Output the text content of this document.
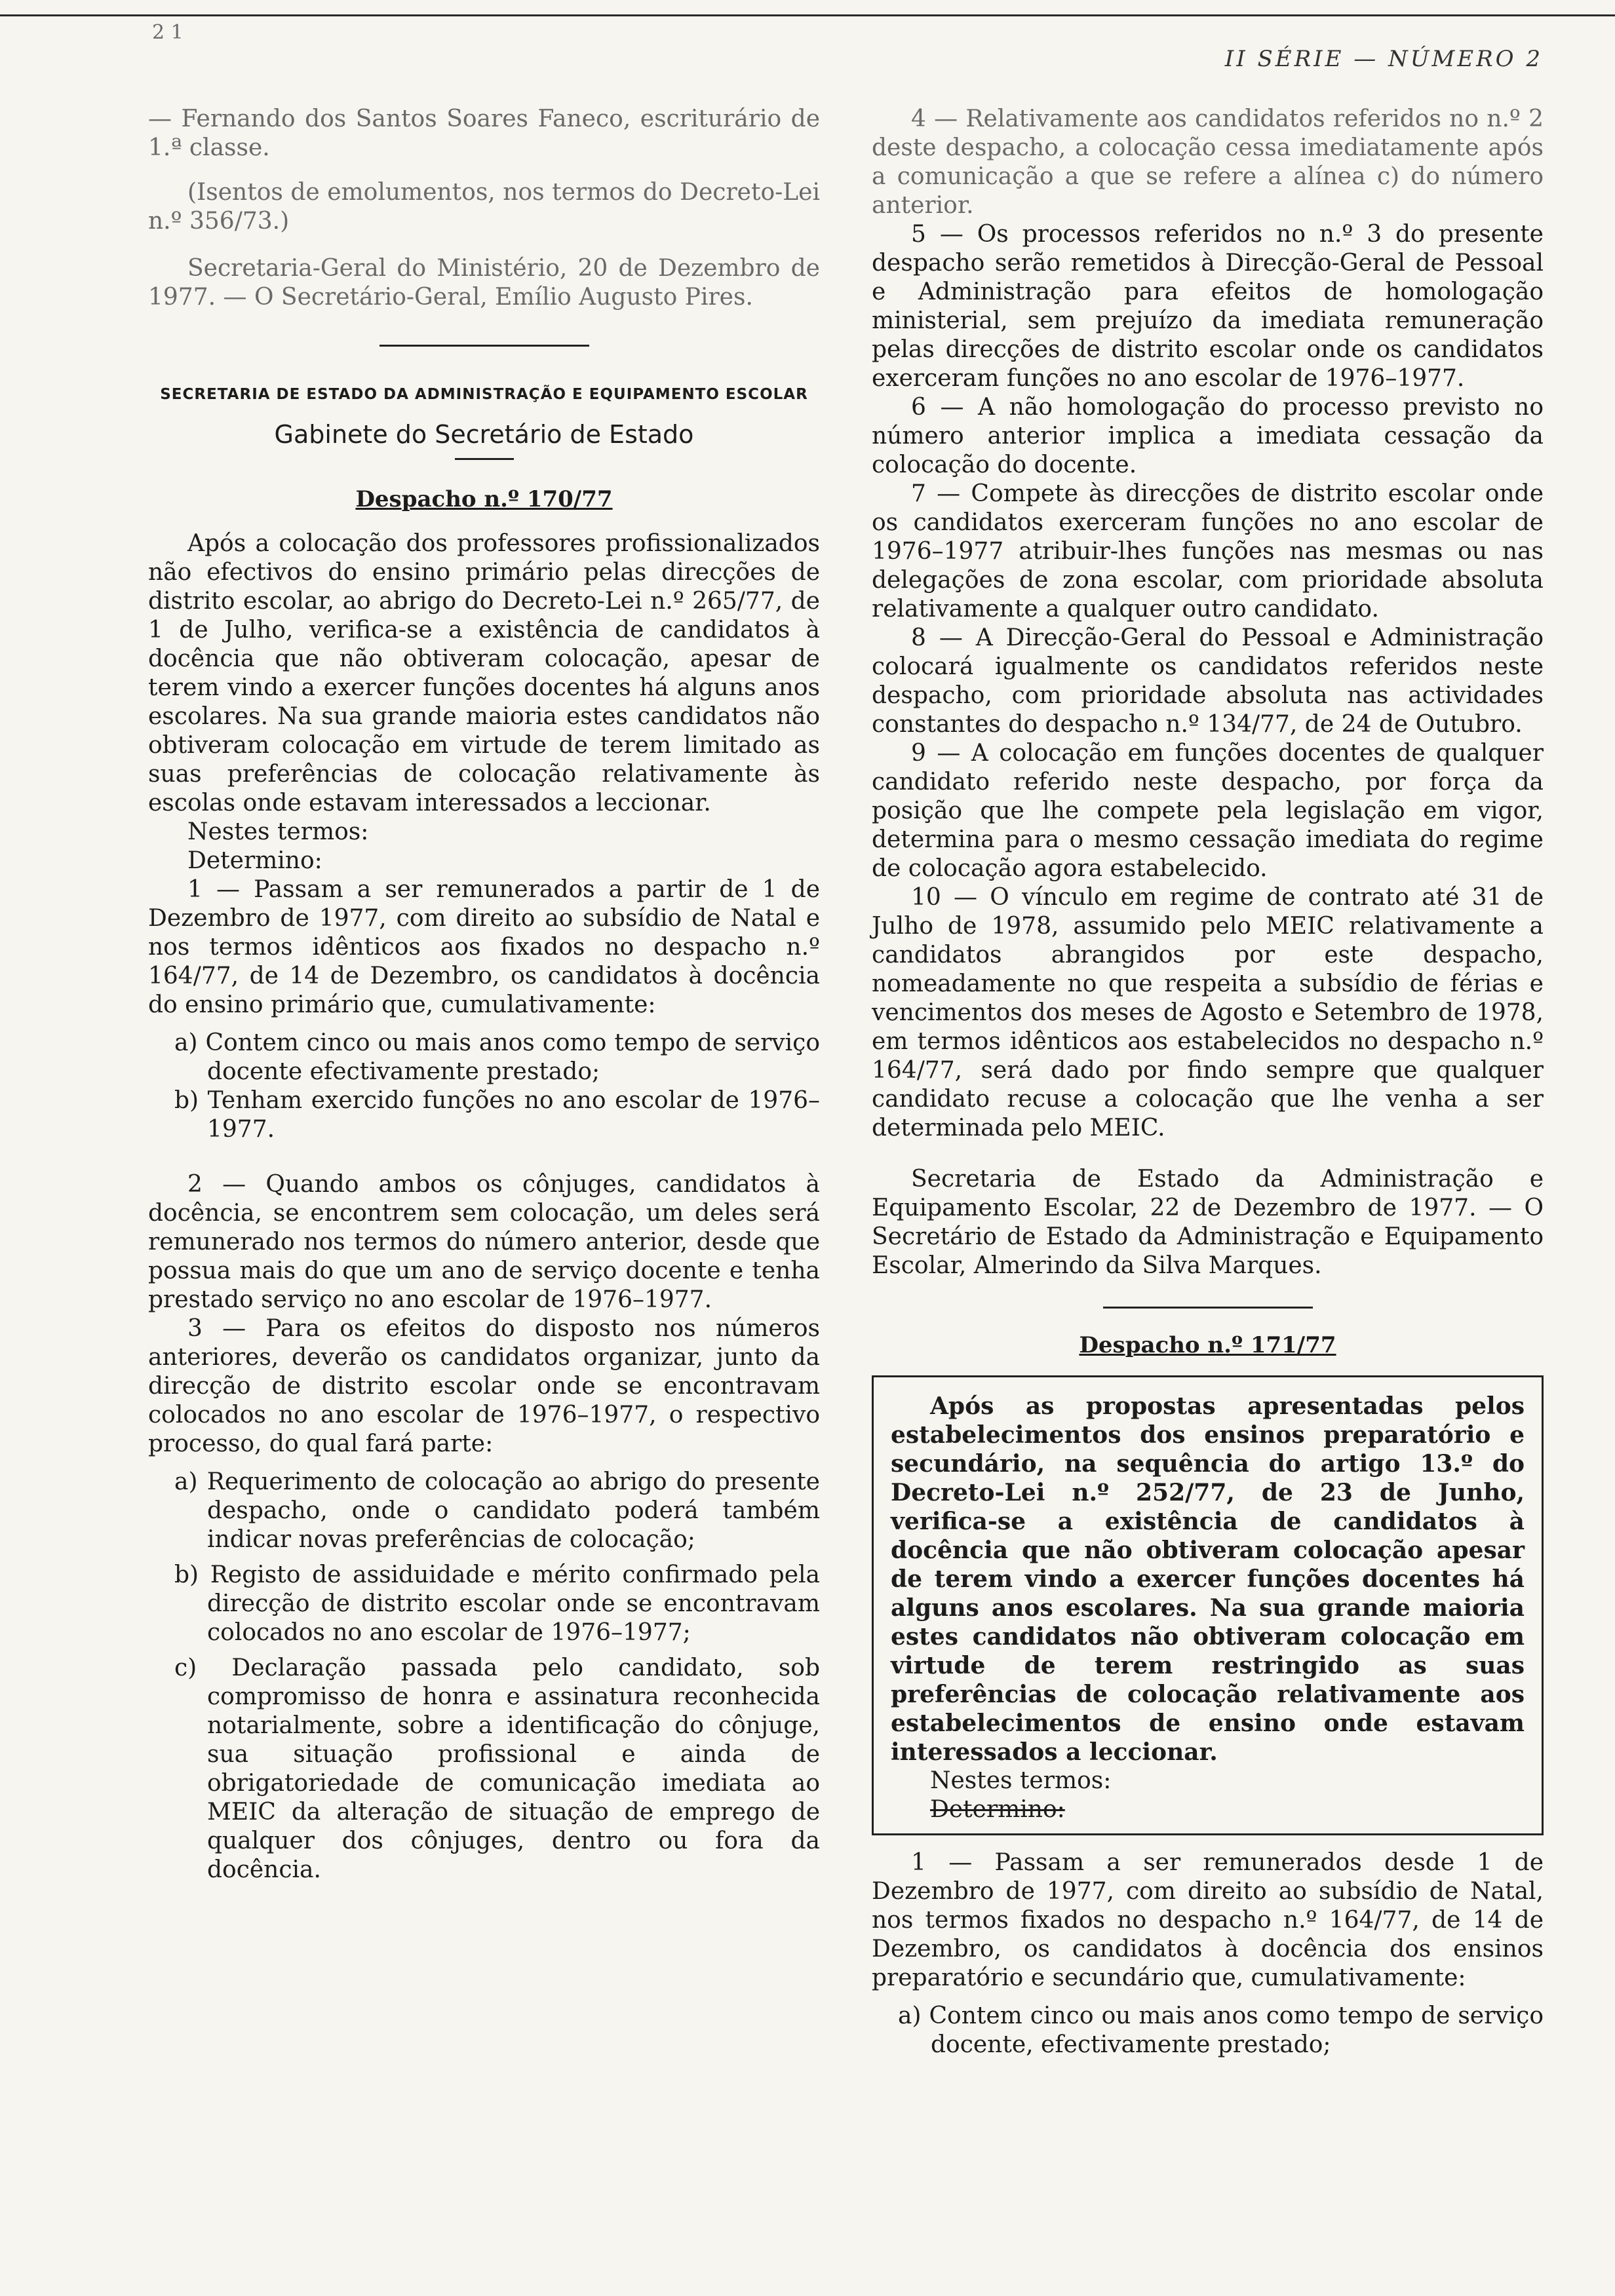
2 1
II SÉRIE — NÚMERO 2

— Fernando dos Santos Soares Faneco, escriturário de 1.ª classe.

(Isentos de emolumentos, nos termos do Decreto-Lei n.º 356/73.)

Secretaria-Geral do Ministério, 20 de Dezembro de 1977. — O Secretário-Geral, Emílio Augusto Pires.

SECRETARIA DE ESTADO DA ADMINISTRAÇÃO E EQUIPAMENTO ESCOLAR
Gabinete do Secretário de Estado
Despacho n.º 170/77

Após a colocação dos professores profissionalizados não efectivos do ensino primário pelas direcções de distrito escolar, ao abrigo do Decreto-Lei n.º 265/77, de 1 de Julho, verifica-se a existência de candidatos à docência que não obtiveram colocação, apesar de terem vindo a exercer funções docentes há alguns anos escolares. Na sua grande maioria estes candidatos não obtiveram colocação em virtude de terem limitado as suas preferências de colocação relativamente às escolas onde estavam interessados a leccionar.

Nestes termos:

Determino:

1 — Passam a ser remunerados a partir de 1 de Dezembro de 1977, com direito ao subsídio de Natal e nos termos idênticos aos fixados no despacho n.º 164/77, de 14 de Dezembro, os candidatos à docência do ensino primário que, cumulativamente:

a) Contem cinco ou mais anos como tempo de serviço docente efectivamente prestado;

b) Tenham exercido funções no ano escolar de 1976–1977.

2 — Quando ambos os cônjuges, candidatos à docência, se encontrem sem colocação, um deles será remunerado nos termos do número anterior, desde que possua mais do que um ano de serviço docente e tenha prestado serviço no ano escolar de 1976–1977.

3 — Para os efeitos do disposto nos números anteriores, deverão os candidatos organizar, junto da direcção de distrito escolar onde se encontravam colocados no ano escolar de 1976–1977, o respectivo processo, do qual fará parte:

a) Requerimento de colocação ao abrigo do presente despacho, onde o candidato poderá também indicar novas preferências de colocação;

b) Registo de assiduidade e mérito confirmado pela direcção de distrito escolar onde se encontravam colocados no ano escolar de 1976–1977;

c) Declaração passada pelo candidato, sob compromisso de honra e assinatura reconhecida notarialmente, sobre a identificação do cônjuge, sua situação profissional e ainda de obrigatoriedade de comunicação imediata ao MEIC da alteração de situação de emprego de qualquer dos cônjuges, dentro ou fora da docência.

4 — Relativamente aos candidatos referidos no n.º 2 deste despacho, a colocação cessa imediatamente após a comunicação a que se refere a alínea c) do número anterior.

5 — Os processos referidos no n.º 3 do presente despacho serão remetidos à Direcção-Geral de Pessoal e Administração para efeitos de homologação ministerial, sem prejuízo da imediata remuneração pelas direcções de distrito escolar onde os candidatos exerceram funções no ano escolar de 1976–1977.

6 — A não homologação do processo previsto no número anterior implica a imediata cessação da colocação do docente.

7 — Compete às direcções de distrito escolar onde os candidatos exerceram funções no ano escolar de 1976–1977 atribuir-lhes funções nas mesmas ou nas delegações de zona escolar, com prioridade absoluta relativamente a qualquer outro candidato.

8 — A Direcção-Geral do Pessoal e Administração colocará igualmente os candidatos referidos neste despacho, com prioridade absoluta nas actividades constantes do despacho n.º 134/77, de 24 de Outubro.

9 — A colocação em funções docentes de qualquer candidato referido neste despacho, por força da posição que lhe compete pela legislação em vigor, determina para o mesmo cessação imediata do regime de colocação agora estabelecido.

10 — O vínculo em regime de contrato até 31 de Julho de 1978, assumido pelo MEIC relativamente a candidatos abrangidos por este despacho, nomeadamente no que respeita a subsídio de férias e vencimentos dos meses de Agosto e Setembro de 1978, em termos idênticos aos estabelecidos no despacho n.º 164/77, será dado por findo sempre que qualquer candidato recuse a colocação que lhe venha a ser determinada pelo MEIC.

Secretaria de Estado da Administração e Equipamento Escolar, 22 de Dezembro de 1977. — O Secretário de Estado da Administração e Equipamento Escolar, Almerindo da Silva Marques.

Despacho n.º 171/77

Após as propostas apresentadas pelos estabelecimentos dos ensinos preparatório e secundário, na sequência do artigo 13.º do Decreto-Lei n.º 252/77, de 23 de Junho, verifica-se a existência de candidatos à docência que não obtiveram colocação apesar de terem vindo a exercer funções docentes há alguns anos escolares. Na sua grande maioria estes candidatos não obtiveram colocação em virtude de terem restringido as suas preferências de colocação relativamente aos estabelecimentos de ensino onde estavam interessados a leccionar.

Nestes termos:

Determino:

1 — Passam a ser remunerados desde 1 de Dezembro de 1977, com direito ao subsídio de Natal, nos termos fixados no despacho n.º 164/77, de 14 de Dezembro, os candidatos à docência dos ensinos preparatório e secundário que, cumulativamente:

a) Contem cinco ou mais anos como tempo de serviço docente, efectivamente prestado;
